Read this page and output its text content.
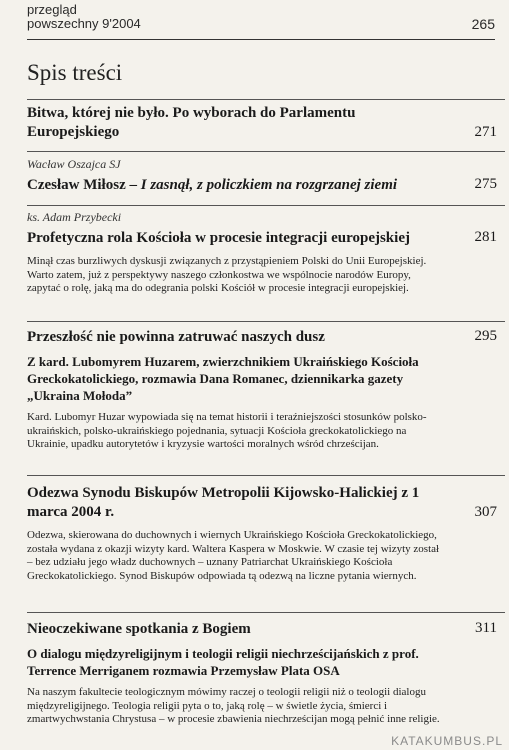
przegląd
powszechny 9'2004	265
Spis treści
Bitwa, której nie było. Po wyborach do Parlamentu Europejskiego	271
Wacław Oszajca SJ
Czesław Miłosz – I zasnął, z policzkiem na rozgrzanej ziemi	275
ks. Adam Przybecki
Profetyczna rola Kościoła w procesie integracji europejskiej	281
Minął czas burzliwych dyskusji związanych z przystąpieniem Polski do Unii Europejskiej. Warto zatem, już z perspektywy naszego członkostwa we wspólnocie narodów Europy, zapytać o rolę, jaką ma do odegrania polski Kościół w procesie integracji europejskiej.
Przeszłość nie powinna zatruwać naszych dusz	295
Z kard. Lubomyrem Huzarem, zwierzchnikiem Ukraińskiego Kościoła Greckokatolickiego, rozmawia Dana Romanec, dziennikarka gazety „Ukraina Mołoda”
Kard. Lubomyr Huzar wypowiada się na temat historii i teraźniejszości stosunków polsko-ukraińskich, polsko-ukraińskiego pojednania, sytuacji Kościoła greckokatolickiego na Ukrainie, upadku autorytetów i kryzysie wartości moralnych wśród chrześcijan.
Odezwa Synodu Biskupów Metropolii Kijowsko-Halickiej z 1 marca 2004 r.	307
Odezwa, skierowana do duchownych i wiernych Ukraińskiego Kościoła Greckokatolickiego, została wydana z okazji wizyty kard. Waltera Kaspera w Moskwie. W czasie tej wizyty został – bez udziału jego władz duchownych – uznany Patriarchat Ukraińskiego Kościoła Greckokatolickiego. Synod Biskupów odpowiada tą odezwą na liczne pytania wiernych.
Nieoczekiwane spotkania z Bogiem	311
O dialogu międzyreligijnym i teologii religii niechrześcijańskich z prof. Terrence Merriganem rozmawia Przemysław Plata OSA
Na naszym fakultecie teologicznym mówimy raczej o teologii religii niż o teologii dialogu międzyreligijnego. Teologia religii pyta o to, jaką rolę – w świetle życia, śmierci i zmartwychwstania Chrystusa – w procesie zbawienia niechrześcijan mogą pełnić inne religie.
KATAKUMBUS.PL
